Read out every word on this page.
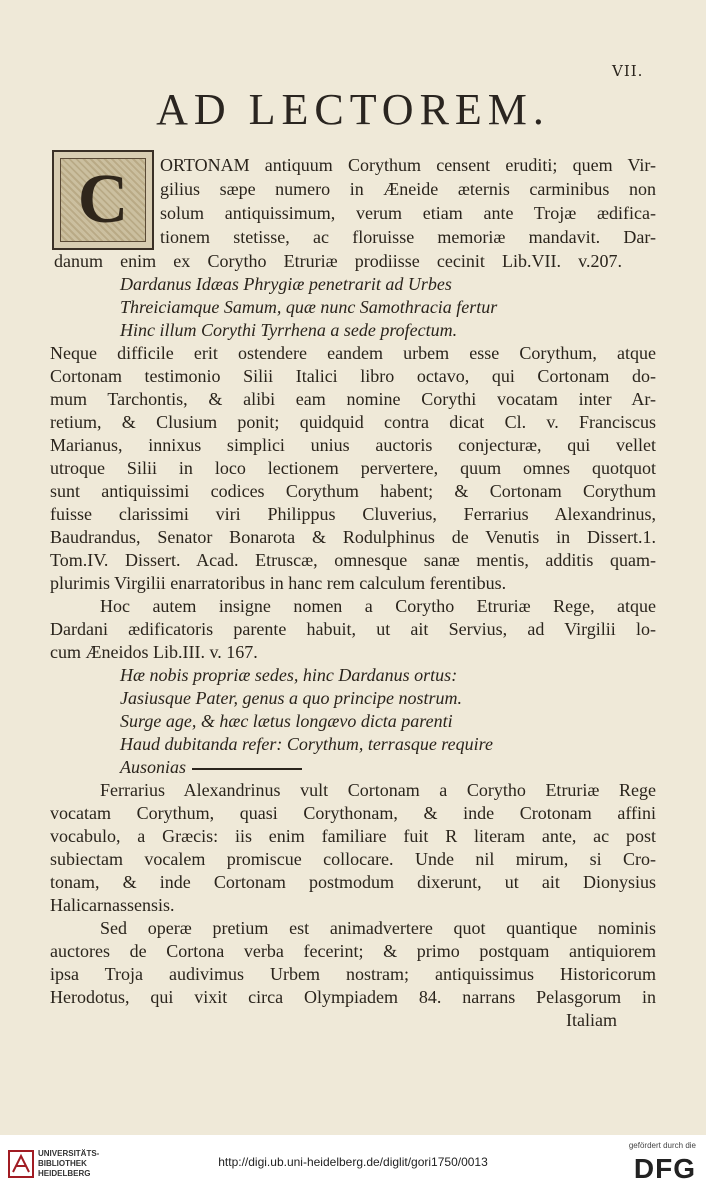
VII.
AD LECTOREM.
C	ORTONAM antiquum Corythum censent eruditi; quem Vir-
gilius sæpe numero in Æneide æternis carminibus non
solum antiquissimum, verum etiam ante Trojæ ædifica-
tionem stetisse, ac floruisse memoriæ mandavit. Dar-
danum enim ex Corytho Etruriæ prodiisse cecinit Lib.VII. v.207.
Dardanus Idæas Phrygiæ penetrarit ad Urbes
Threiciamque Samum, quæ nunc Samothracia fertur
Hinc illum Corythi Tyrrhena a sede profectum.
Neque difficile erit ostendere eandem urbem esse Corythum, atque
Cortonam testimonio Silii Italici libro octavo, qui Cortonam do-
mum Tarchontis, & alibi eam nomine Corythi vocatam inter Ar-
retium, & Clusium ponit; quidquid contra dicat Cl. v. Franciscus
Marianus, innixus simplici unius auctoris conjecturæ, qui vellet
utroque Silii in loco lectionem pervertere, quum omnes quotquot
sunt antiquissimi codices Corythum habent; & Cortonam Corythum
fuisse clarissimi viri Philippus Cluverius, Ferrarius Alexandrinus,
Baudrandus, Senator Bonarota & Rodulphinus de Venutis in Dissert.1.
Tom.IV. Dissert. Acad. Etruscæ, omnesque sanæ mentis, additis quam-
plurimis Virgilii enarratoribus in hanc rem calculum ferentibus.
Hoc autem insigne nomen a Corytho Etruriæ Rege, atque
Dardani ædificatoris parente habuit, ut ait Servius, ad Virgilii lo-
cum Æneidos Lib.III. v. 167.
Hæ nobis propriæ sedes, hinc Dardanus ortus:
Jasiusque Pater, genus a quo principe nostrum.
Surge age, & hæc lætus longævo dicta parenti
Haud dubitanda refer: Corythum, terrasque require
Ausonias
Ferrarius Alexandrinus vult Cortonam a Corytho Etruriæ Rege
vocatam Corythum, quasi Corythonam, & inde Crotonam affini
vocabulo, a Græcis: iis enim familiare fuit R literam ante, ac post
subiectam vocalem promiscue collocare. Unde nil mirum, si Cro-
tonam, & inde Cortonam postmodum dixerunt, ut ait Dionysius
Halicarnassensis.
Sed operæ pretium est animadvertere quot quantique nominis
auctores de Cortona verba fecerint; & primo postquam antiquiorem
ipsa Troja audivimus Urbem nostram; antiquissimus Historicorum
Herodotus, qui vixit circa Olympiadem 84. narrans Pelasgorum in
Italiam
UNIVERSITÄTS-
BIBLIOTHEK
HEIDELBERG
http://digi.ub.uni-heidelberg.de/diglit/gori1750/0013
gefördert durch die
DFG
